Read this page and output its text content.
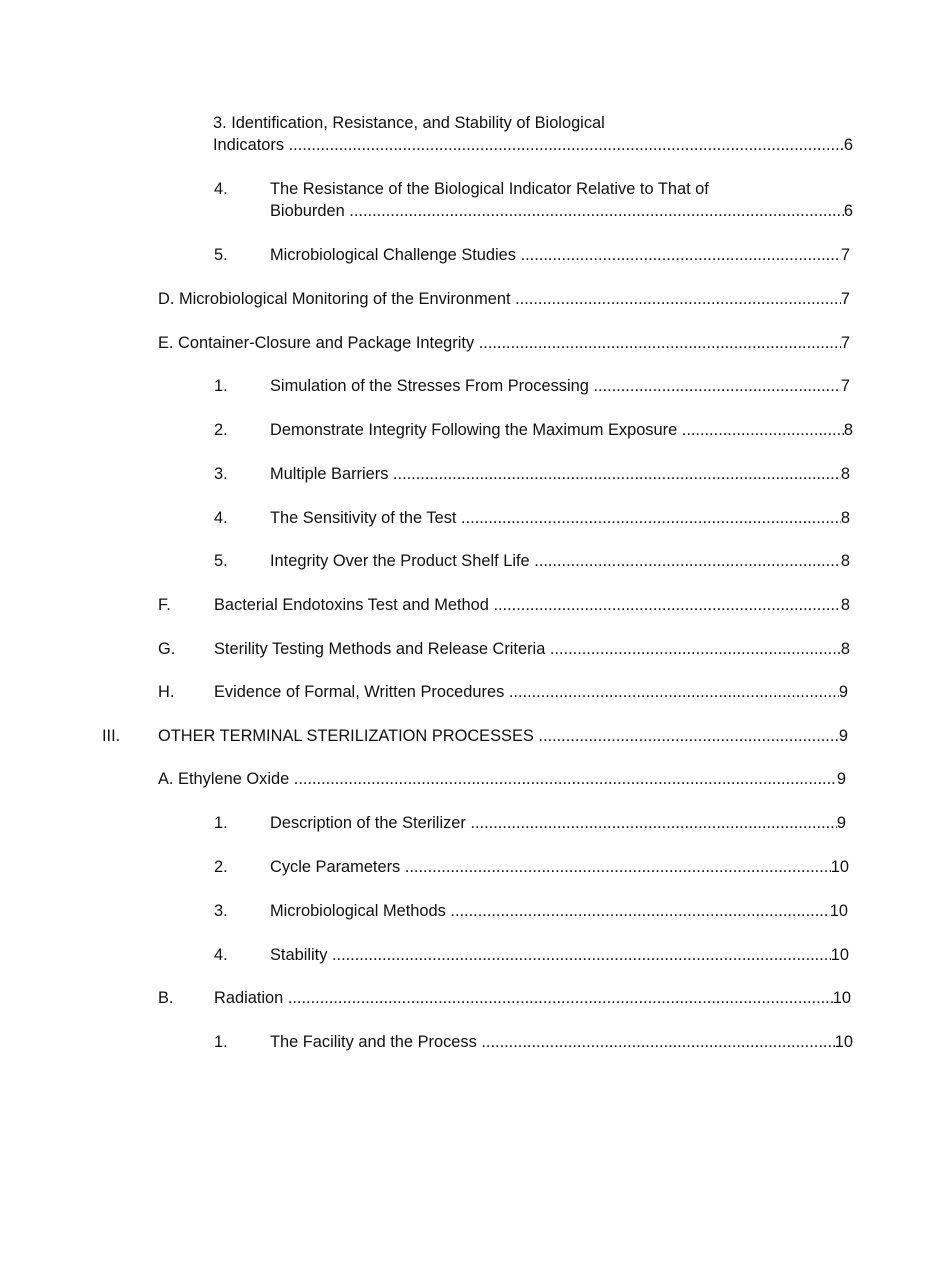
3. Identification, Resistance, and Stability of Biological
Indicators .....	6
4.	The Resistance of the Biological Indicator Relative to That of
Bioburden .....	6
5.	Microbiological Challenge Studies .....	7
D. Microbiological Monitoring of the Environment .....	7
E. Container-Closure and Package Integrity .....	7
1.	Simulation of the Stresses From Processing .....	7
2.	Demonstrate Integrity Following the Maximum Exposure .....	8
3.	Multiple Barriers .....	8
4.	The Sensitivity of the Test .....	8
5.	Integrity Over the Product Shelf Life .....	8
F.	Bacterial Endotoxins Test and Method .....	8
G. Sterility Testing Methods and Release Criteria .....	8
H. Evidence of Formal, Written Procedures .....	9
III. OTHER TERMINAL STERILIZATION PROCESSES .....	9
A. Ethylene Oxide .....	9
1.	Description of the Sterilizer .....	9
2.	Cycle Parameters .....	10
3.	Microbiological Methods .....	10
4.	Stability .....	10
B. Radiation .....	10
1.	The Facility and the Process .....	10
